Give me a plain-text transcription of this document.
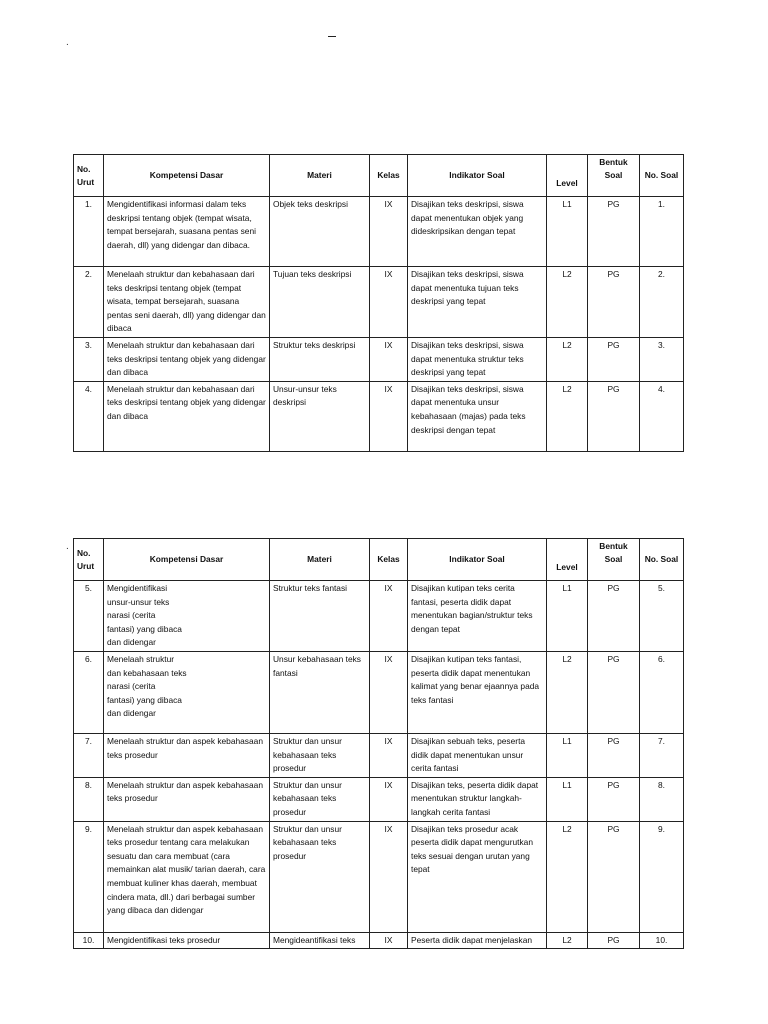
.
No. Urut	Kompetensi Dasar	Materi	Kelas	Indikator Soal	Level	Bentuk Soal	No. Soal
1.	Mengidentifikasi informasi dalam teks deskripsi tentang objek (tempat wisata, tempat bersejarah, suasana pentas seni daerah, dll) yang didengar dan dibaca.	Objek teks deskripsi	IX	Disajikan teks deskripsi, siswa dapat menentukan objek yang dideskripsikan dengan tepat	L1	PG	1.
2.	Menelaah struktur dan kebahasaan dari teks deskripsi tentang objek (tempat wisata, tempat bersejarah, suasana pentas seni daerah, dll) yang didengar dan dibaca	Tujuan teks deskripsi	IX	Disajikan teks deskripsi, siswa dapat menentuka tujuan teks deskripsi yang tepat	L2	PG	2.
3.	Menelaah struktur dan kebahasaan dari teks deskripsi tentang objek yang didengar dan dibaca	Struktur teks deskripsi	IX	Disajikan teks deskripsi, siswa dapat menentuka struktur teks deskripsi yang tepat	L2	PG	3.
4.	Menelaah struktur dan kebahasaan dari teks deskripsi tentang objek yang didengar dan dibaca	Unsur-unsur teks deskripsi	IX	Disajikan teks deskripsi, siswa dapat menentuka unsur kebahasaan (majas) pada teks deskripsi dengan tepat	L2	PG	4.
.
No. Urut	Kompetensi Dasar	Materi	Kelas	Indikator Soal	Level	Bentuk Soal	No. Soal
5.	Mengidentifikasi
unsur-unsur teks
narasi (cerita
fantasi) yang dibaca
dan didengar	Struktur teks fantasi	IX	Disajikan kutipan teks cerita fantasi, peserta didik dapat menentukan bagian/struktur teks dengan tepat	L1	PG	5.
6.	Menelaah struktur
dan kebahasaan teks
narasi (cerita
fantasi) yang dibaca
dan didengar	Unsur kebahasaan teks fantasi	IX	Disajikan kutipan teks fantasi, peserta didik dapat menentukan kalimat yang benar ejaannya pada teks fantasi	L2	PG	6.
7.	Menelaah struktur dan aspek kebahasaan teks prosedur	Struktur dan unsur kebahasaan teks prosedur	IX	Disajikan sebuah teks, peserta didik dapat menentukan unsur cerita fantasi	L1	PG	7.
8.	Menelaah struktur dan aspek kebahasaan teks prosedur	Struktur dan unsur kebahasaan teks prosedur	IX	Disajikan teks, peserta didik dapat menentukan struktur langkah-langkah cerita fantasi	L1	PG	8.
9.	Menelaah struktur dan aspek kebahasaan teks prosedur tentang cara melakukan sesuatu dan cara membuat (cara memainkan alat musik/ tarian daerah, cara membuat kuliner khas daerah, membuat cindera mata, dll.) dari berbagai sumber yang dibaca dan didengar	Struktur dan unsur kebahasaan teks prosedur	IX	Disajikan teks prosedur acak peserta didik dapat mengurutkan teks sesuai dengan urutan yang tepat	L2	PG	9.
10.	Mengidentifikasi teks prosedur	Mengideantifikasi teks	IX	Peserta didik dapat menjelaskan	L2	PG	10.
